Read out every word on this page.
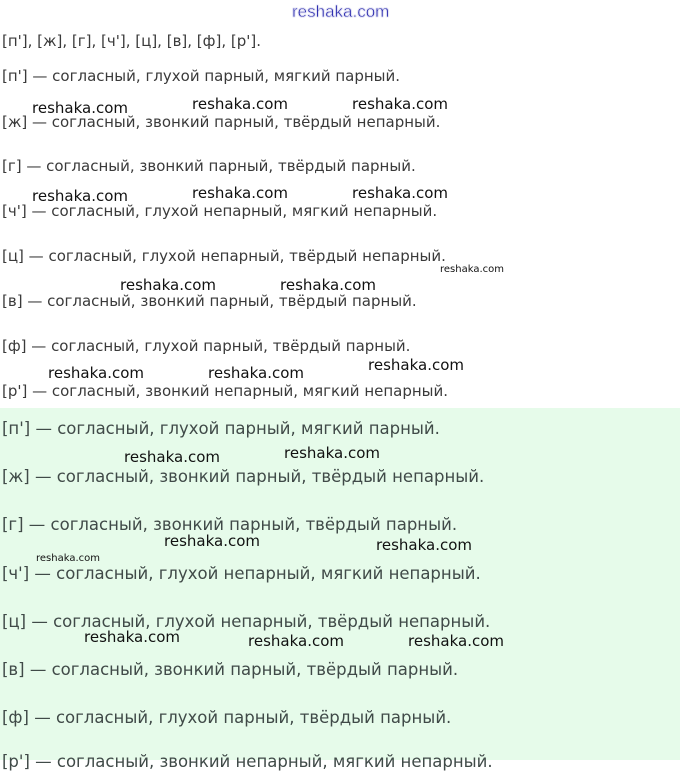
reshaka.com
[п'], [ж], [г], [ч'], [ц], [в], [ф], [р'].
[п'] — согласный, глухой парный, мягкий парный.
[ж] — согласный, звонкий парный, твёрдый непарный.
[г] — согласный, звонкий парный, твёрдый парный.
[ч'] — согласный, глухой непарный, мягкий непарный.
[ц] — согласный, глухой непарный, твёрдый непарный.
[в] — согласный, звонкий парный, твёрдый парный.
[ф] — согласный, глухой парный, твёрдый парный.
[р'] — согласный, звонкий непарный, мягкий непарный.
[п'] — согласный, глухой парный, мягкий парный.
[ж] — согласный, звонкий парный, твёрдый непарный.
[г] — согласный, звонкий парный, твёрдый парный.
[ч'] — согласный, глухой непарный, мягкий непарный.
[ц] — согласный, глухой непарный, твёрдый непарный.
[в] — согласный, звонкий парный, твёрдый парный.
[ф] — согласный, глухой парный, твёрдый парный.
[р'] — согласный, звонкий непарный, мягкий непарный.
reshaka.com	reshaka.com	reshaka.com
reshaka.com	reshaka.com	reshaka.com
reshaka.com
reshaka.com	reshaka.com
reshaka.com
reshaka.com	reshaka.com
reshaka.com
reshaka.com
reshaka.com	reshaka.com
reshaka.com
reshaka.com	reshaka.com	reshaka.com
